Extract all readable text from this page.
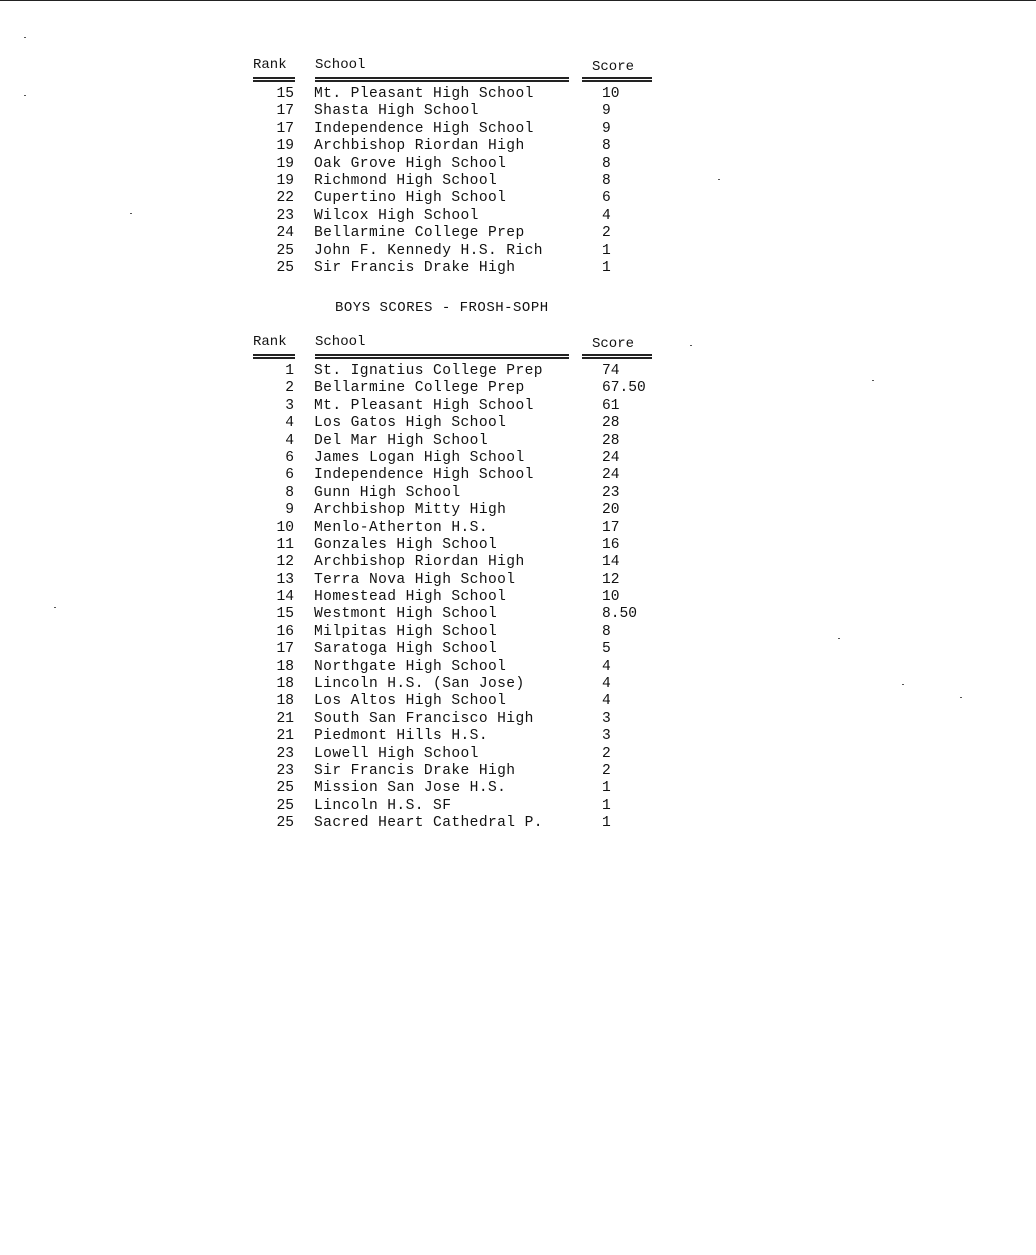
Rank School	Score
15 Mt. Pleasant High School	10
17 Shasta High School	9
17 Independence High School	9
19 Archbishop Riordan High	8
19 Oak Grove High School	8
19 Richmond High School	8
22 Cupertino High School	6
23 Wilcox High School	4
24 Bellarmine College Prep	2
25 John F. Kennedy H.S. Rich	1
25 Sir Francis Drake High	1
BOYS SCORES - FROSH-SOPH
Rank School	Score
1 St. Ignatius College Prep	74
2 Bellarmine College Prep	67.50
3 Mt. Pleasant High School	61
4 Los Gatos High School	28
4 Del Mar High School	28
6 James Logan High School	24
6 Independence High School	24
8 Gunn High School	23
9 Archbishop Mitty High	20
10 Menlo-Atherton H.S.	17
11 Gonzales High School	16
12 Archbishop Riordan High	14
13 Terra Nova High School	12
14 Homestead High School	10
15 Westmont High School	8.50
16 Milpitas High School	8
17 Saratoga High School	5
18 Northgate High School	4
18 Lincoln H.S. (San Jose)	4
18 Los Altos High School	4
21 South San Francisco High	3
21 Piedmont Hills H.S.	3
23 Lowell High School	2
23 Sir Francis Drake High	2
25 Mission San Jose H.S.	1
25 Lincoln H.S. SF	1
25 Sacred Heart Cathedral P.	1
